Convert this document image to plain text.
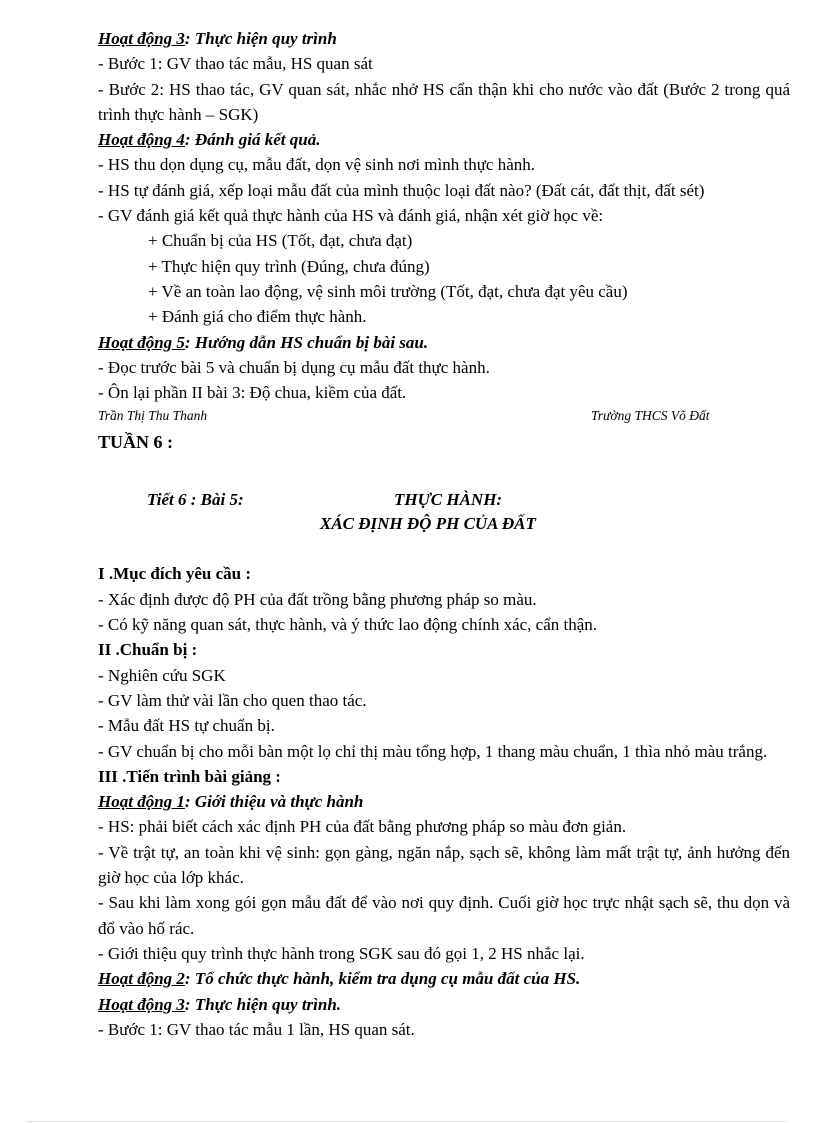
Hoạt động 3: Thực hiện quy trình
- Bước 1: GV thao tác mẫu, HS quan sát
- Bước 2: HS thao tác, GV quan sát, nhắc nhở HS cẩn thận khi cho nước vào đất (Bước 2 trong quá trình thực hành – SGK)
Hoạt động 4: Đánh giá kết quả.
- HS thu dọn dụng cụ, mẫu đất, dọn vệ sinh nơi mình thực hành.
- HS tự đánh giá, xếp loại mẫu đất của mình thuộc loại đất nào? (Đất cát, đất thịt, đất sét)
- GV đánh giá kết quả thực hành của HS và đánh giá, nhận xét giờ học về:
+ Chuẩn bị của HS (Tốt, đạt, chưa đạt)
+ Thực hiện quy trình (Đúng, chưa đúng)
+ Về an toàn lao động, vệ sinh môi trường (Tốt, đạt, chưa đạt yêu cầu)
+ Đánh giá cho điểm thực hành.
Hoạt động 5: Hướng dẫn HS chuẩn bị bài sau.
- Đọc trước bài 5 và chuẩn bị dụng cụ mẫu đất thực hành.
- Ôn lại phần II bài 3: Độ chua, kiềm của đất.
Trần Thị Thu Thanh	Trường THCS Võ Đất
TUẦN 6 :
Tiết 6 : Bài 5:	THỰC HÀNH:
XÁC ĐỊNH ĐỘ PH CỦA ĐẤT
I .Mục đích yêu cầu :
- Xác định được độ PH của đất trồng bằng phương pháp so màu.
- Có kỹ năng quan sát, thực hành, và ý thức lao động chính xác, cẩn thận.
II .Chuẩn bị :
- Nghiên cứu SGK
- GV làm thử vài lần cho quen thao tác.
- Mẫu đất HS tự chuẩn bị.
- GV chuẩn bị cho mỗi bàn một lọ chỉ thị màu tổng hợp, 1 thang màu chuẩn, 1 thìa nhỏ màu trắng.
III .Tiến trình bài giảng :
Hoạt động 1: Giới thiệu và thực hành
- HS: phải biết cách xác định PH của đất bằng phương pháp so màu đơn giản.
- Về trật tự, an toàn khi vệ sinh: gọn gàng, ngăn nắp, sạch sẽ, không làm mất trật tự, ảnh hưởng đến giờ học của lớp khác.
- Sau khi làm xong gói gọn mẫu đất để vào nơi quy định. Cuối giờ học trực nhật sạch sẽ, thu dọn và đổ vào hố rác.
- Giới thiệu quy trình thực hành trong SGK sau đó gọi 1, 2 HS nhắc lại.
Hoạt động 2: Tổ chức thực hành, kiểm tra dụng cụ mẫu đất của HS.
Hoạt động 3: Thực hiện quy trình.
- Bước 1: GV thao tác mẫu 1 lần, HS quan sát.
